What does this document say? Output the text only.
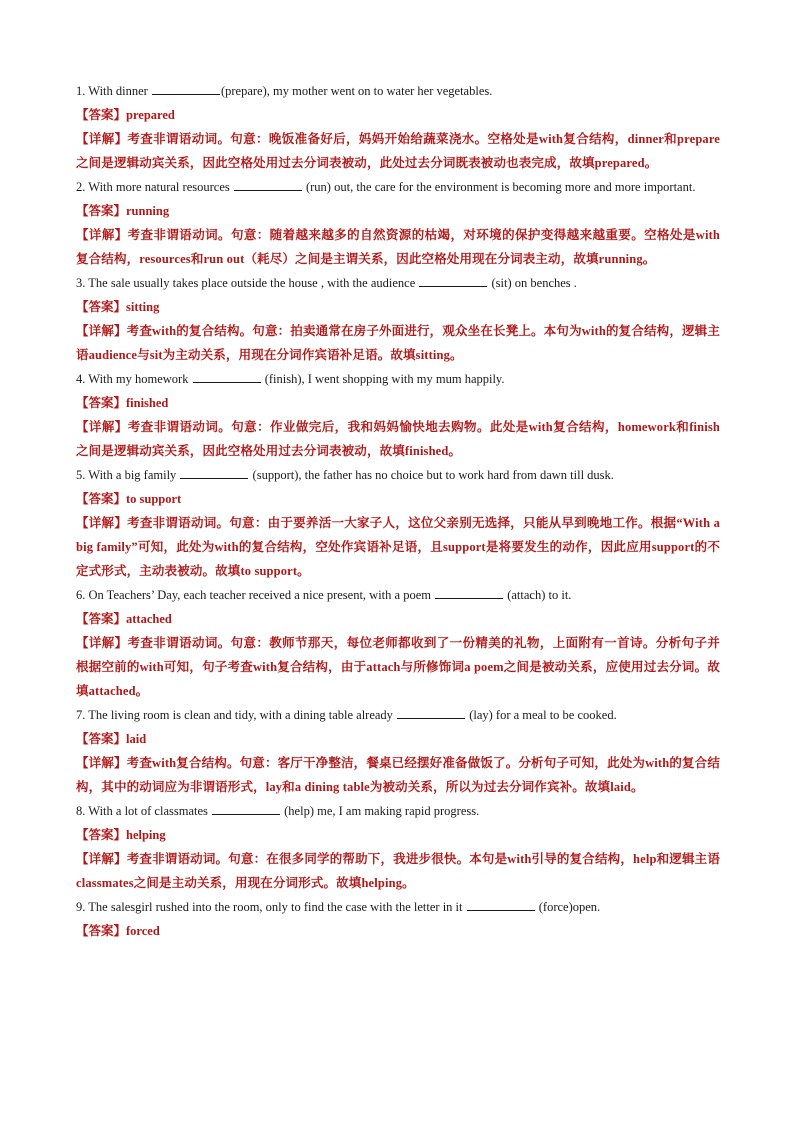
1. With dinner	(prepare), my mother went on to water her vegetables.
【答案】prepared
【详解】考查非谓语动词。句意：晚饭准备好后，妈妈开始给蔬菜浇水。空格处是with复合结构，dinner和prepare之间是逻辑动宾关系，因此空格处用过去分词表被动，此处过去分词既表被动也表完成，故填prepared。
2. With more natural resources	(run) out, the care for the environment is becoming more and more important.
【答案】running
【详解】考查非谓语动词。句意：随着越来越多的自然资源的枯竭，对环境的保护变得越来越重要。空格处是with复合结构，resources和run out（耗尽）之间是主谓关系，因此空格处用现在分词表主动，故填running。
3. The sale usually takes place outside the house , with the audience	(sit) on benches .
【答案】sitting
【详解】考查with的复合结构。句意：拍卖通常在房子外面进行，观众坐在长凳上。本句为with的复合结构，逻辑主语audience与sit为主动关系，用现在分词作宾语补足语。故填sitting。
4. With my homework	(finish), I went shopping with my mum happily.
【答案】finished
【详解】考查非谓语动词。句意：作业做完后，我和妈妈愉快地去购物。此处是with复合结构，homework和finish之间是逻辑动宾关系，因此空格处用过去分词表被动，故填finished。
5. With a big family	(support), the father has no choice but to work hard from dawn till dusk.
【答案】to support
【详解】考查非谓语动词。句意：由于要养活一大家子人，这位父亲别无选择，只能从早到晚地工作。根据“With a big family”可知，此处为with的复合结构，空处作宾语补足语，且support是将要发生的动作，因此应用support的不定式形式，主动表被动。故填to support。
6. On Teachers’ Day, each teacher received a nice present, with a poem	(attach) to it.
【答案】attached
【详解】考查非谓语动词。句意：教师节那天，每位老师都收到了一份精美的礼物，上面附有一首诗。分析句子并根据空前的with可知，句子考查with复合结构，由于attach与所修饰词a poem之间是被动关系，应使用过去分词。故填attached。
7. The living room is clean and tidy, with a dining table already	(lay) for a meal to be cooked.
【答案】laid
【详解】考查with复合结构。句意：客厅干净整洁，餐桌已经摆好准备做饭了。分析句子可知，此处为with的复合结构，其中的动词应为非谓语形式，lay和a dining table为被动关系，所以为过去分词作宾补。故填laid。
8. With a lot of classmates	(help) me, I am making rapid progress.
【答案】helping
【详解】考查非谓语动词。句意：在很多同学的帮助下，我进步很快。本句是with引导的复合结构，help和逻辑主语classmates之间是主动关系，用现在分词形式。故填helping。
9. The salesgirl rushed into the room, only to find the case with the letter in it	(force)open.
【答案】forced
